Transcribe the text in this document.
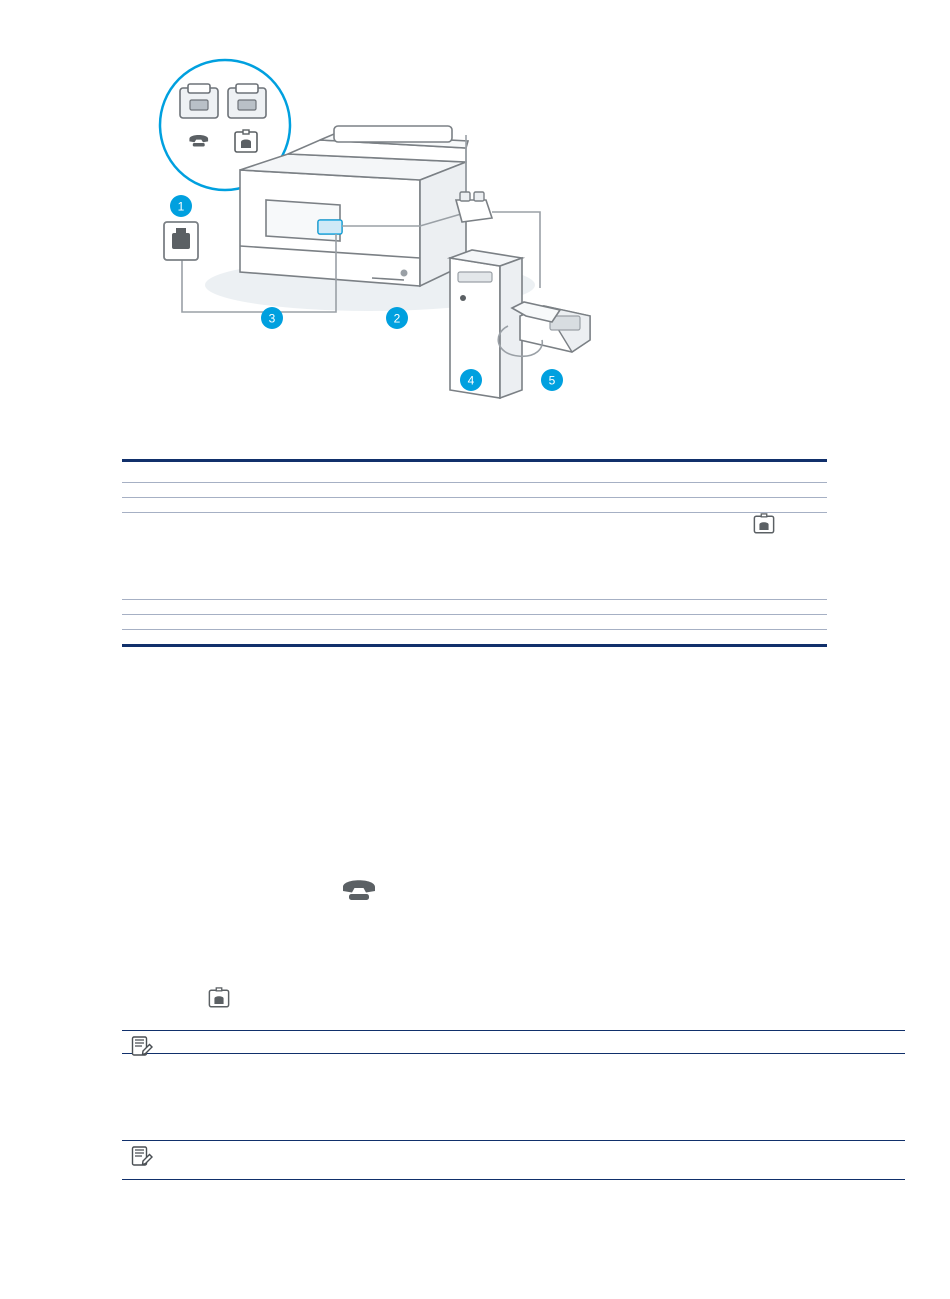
1
2
3
4	5
